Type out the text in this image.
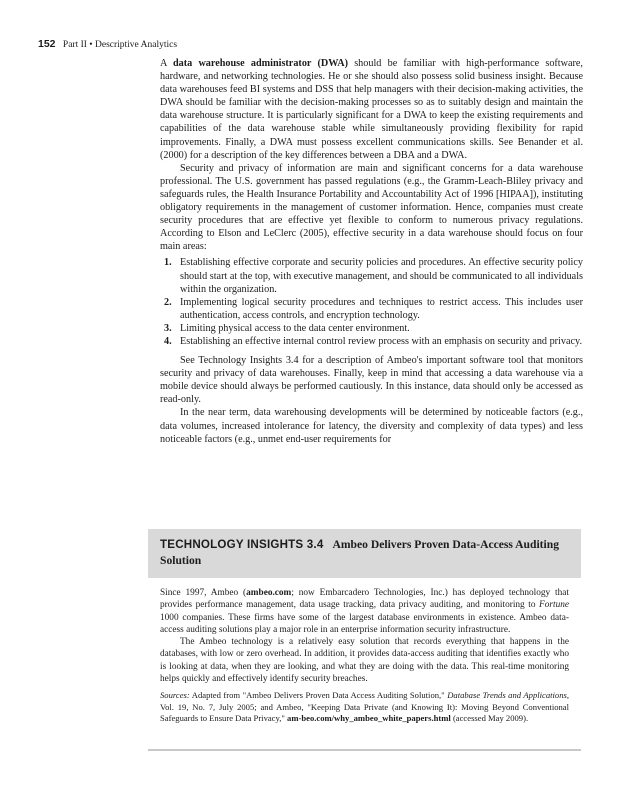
152 Part II • Descriptive Analytics

A data warehouse administrator (DWA) should be familiar with high-performance software, hardware, and networking technologies. He or she should also possess solid business insight. Because data warehouses feed BI systems and DSS that help managers with their decision-making activities, the DWA should be familiar with the decision-making processes so as to suitably design and maintain the data warehouse structure. It is particularly significant for a DWA to keep the existing requirements and capabilities of the data warehouse stable while simultaneously providing flexibility for rapid improvements. Finally, a DWA must possess excellent communications skills. See Benander et al. (2000) for a description of the key differences between a DBA and a DWA.

Security and privacy of information are main and significant concerns for a data warehouse professional. The U.S. government has passed regulations (e.g., the Gramm-Leach-Bliley privacy and safeguards rules, the Health Insurance Portability and Accountability Act of 1996 [HIPAA]), instituting obligatory requirements in the management of customer information. Hence, companies must create security procedures that are effective yet flexible to conform to numerous privacy regulations. According to Elson and LeClerc (2005), effective security in a data warehouse should focus on four main areas:

1. Establishing effective corporate and security policies and procedures. An effective security policy should start at the top, with executive management, and should be communicated to all individuals within the organization.
2. Implementing logical security procedures and techniques to restrict access. This includes user authentication, access controls, and encryption technology.
3. Limiting physical access to the data center environment.
4. Establishing an effective internal control review process with an emphasis on security and privacy.

See Technology Insights 3.4 for a description of Ambeo's important software tool that monitors security and privacy of data warehouses. Finally, keep in mind that accessing a data warehouse via a mobile device should always be performed cautiously. In this instance, data should only be accessed as read-only.

In the near term, data warehousing developments will be determined by noticeable factors (e.g., data volumes, increased intolerance for latency, the diversity and complexity of data types) and less noticeable factors (e.g., unmet end-user requirements for

TECHNOLOGY INSIGHTS 3.4 Ambeo Delivers Proven Data-Access Auditing Solution

Since 1997, Ambeo (ambeo.com; now Embarcadero Technologies, Inc.) has deployed technology that provides performance management, data usage tracking, data privacy auditing, and monitoring to Fortune 1000 companies. These firms have some of the largest database environments in existence. Ambeo data-access auditing solutions play a major role in an enterprise information security infrastructure.

The Ambeo technology is a relatively easy solution that records everything that happens in the databases, with low or zero overhead. In addition, it provides data-access auditing that identifies exactly who is looking at data, when they are looking, and what they are doing with the data. This real-time monitoring helps quickly and effectively identify security breaches.

Sources: Adapted from "Ambeo Delivers Proven Data Access Auditing Solution," Database Trends and Applications, Vol. 19, No. 7, July 2005; and Ambeo, "Keeping Data Private (and Knowing It): Moving Beyond Conventional Safeguards to Ensure Data Privacy," am-beo.com/why_ambeo_white_papers.html (accessed May 2009).
